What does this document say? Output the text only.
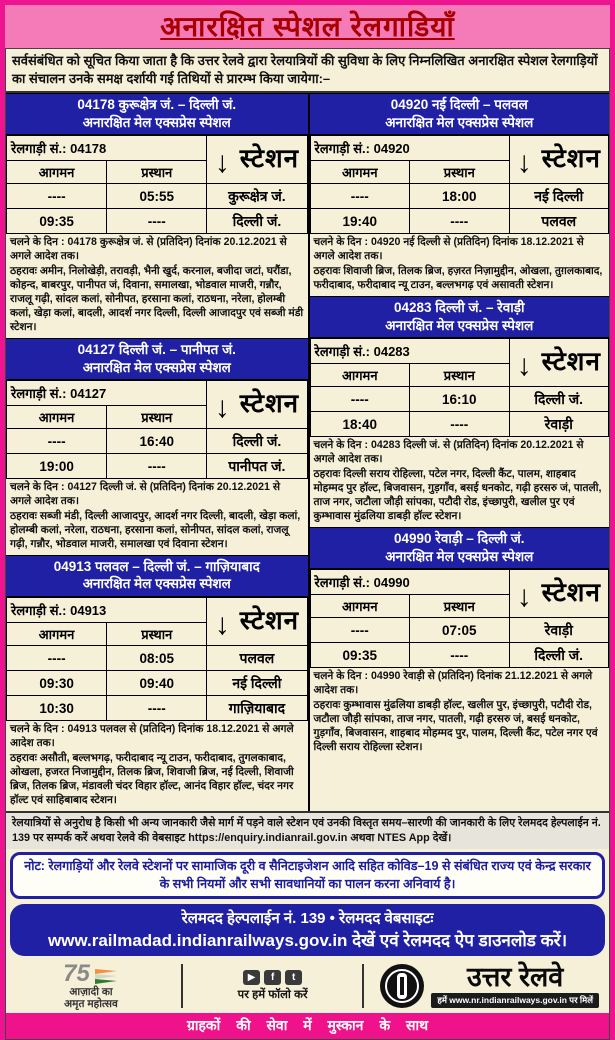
अनारक्षित स्पेशल रेलगाडियाँ

सर्वसंबंधित को सूचित किया जाता है कि उत्तर रेलवे द्वारा रेलयात्रियों की सुविधा के लिए निम्नलिखित अनारक्षित स्पेशल रेलगाड़ियों का संचालन उनके समक्ष दर्शायी गई तिथियों से प्रारम्भ किया जायेगा:–

04178 कुरूक्षेत्र जं. – दिल्ली जं.
अनारक्षित मेल एक्सप्रेस स्पेशल
रेलगाड़ी सं.: 04178		↓ स्टेशन
आगमन	प्रस्थान	
----	05:55	कुरूक्षेत्र जं.
09:35	----	दिल्ली जं.

चलने के दिन : 04178 कुरूक्षेत्र जं. से (प्रतिदिन) दिनांक 20.12.2021 से अगले आदेश तक।

ठहरावः अमीन, निलोखेड़ी, तरावड़ी, भैनी खुर्द, करनाल, बजीदा जटां, घरौंडा, कोहन्द, बाबरपुर, पानीपत जं, दिवाना, समालखा, भोडवाल माजरी, गन्नौर, राजलू गढ़ी, सांदल कलां, सोनीपत, हरसाना कलां, राठधना, नरेला, होलम्बी कलां, खेड़ा कलां, बादली, आदर्श नगर दिल्ली, दिल्ली आजादपुर एवं सब्जी मंडी स्टेशन।

04127 दिल्ली जं. – पानीपत जं.
अनारक्षित मेल एक्सप्रेस स्पेशल
रेलगाड़ी सं.: 04127		↓ स्टेशन
आगमन	प्रस्थान	
----	16:40	दिल्ली जं.
19:00	----	पानीपत जं.

चलने के दिन : 04127 दिल्ली जं. से (प्रतिदिन) दिनांक 20.12.2021 से अगले आदेश तक।

ठहरावः सब्जी मंडी, दिल्ली आजादपुर, आदर्श नगर दिल्ली, बादली, खेड़ा कलां, होलम्बी कलां, नरेला, राठधना, हरसाना कलां, सोनीपत, सांदल कलां, राजलू गढ़ी, गन्नौर, भोडवाल माजरी, समालखा एवं दिवाना स्टेशन।

04913 पलवल – दिल्ली जं. – गाज़ियाबाद
अनारक्षित मेल एक्सप्रेस स्पेशल
रेलगाड़ी सं.: 04913		↓ स्टेशन
आगमन	प्रस्थान	
----	08:05	पलवल
09:30	09:40	नई दिल्ली
10:30	----	गाज़ियाबाद

चलने के दिन : 04913 पलवल से (प्रतिदिन) दिनांक 18.12.2021 से अगले आदेश तक।

ठहरावः असौती, बल्लभगढ़, फरीदाबाद न्यू टाउन, फरीदाबाद, तुगलकाबाद, ओखला, हजरत निजामुद्दीन, तिलक ब्रिज, शिवाजी ब्रिज, नई दिल्ली, शिवाजी ब्रिज, तिलक ब्रिज, मंडावली चंदर विहार हॉल्ट, आनंद विहार हॉल्ट, चंदर नगर हॉल्ट एवं साहिबाबाद स्टेशन।

04920 नई दिल्ली – पलवल
अनारक्षित मेल एक्सप्रेस स्पेशल
रेलगाड़ी सं.: 04920		↓ स्टेशन
आगमन	प्रस्थान	
----	18:00	नई दिल्ली
19:40	----	पलवल

चलने के दिन : 04920 नई दिल्ली से (प्रतिदिन) दिनांक 18.12.2021 से अगले आदेश तक।

ठहरावः शिवाजी ब्रिज, तिलक ब्रिज, हज़रत निज़ामुद्दीन, ओखला, तुग़लकाबाद, फरीदाबाद, फरीदाबाद न्यू टाउन, बल्लभगढ़ एवं असावती स्टेशन।

04283 दिल्ली जं. – रेवाड़ी
अनारक्षित मेल एक्सप्रेस स्पेशल
रेलगाड़ी सं.: 04283		↓ स्टेशन
आगमन	प्रस्थान	
----	16:10	दिल्ली जं.
18:40	----	रेवाड़ी

चलने के दिन : 04283 दिल्ली जं. से (प्रतिदिन) दिनांक 20.12.2021 से अगले आदेश तक।

ठहरावः दिल्ली सराय रोहिल्ला, पटेल नगर, दिल्ली कैंट, पालम, शाहबाद मोहम्मद पुर हॉल्ट, बिजवासन, गुड़गाँव, बसई धनकोट, गढ़ी हरसरु जं, पातली, ताज नगर, जटौला जौड़ी सांपका, पटौदी रोड, इंच्छापुरी, खलील पुर एवं कुम्भावास मुंढलिया डाबड़ी हॉल्ट स्टेशन।

04990 रेवाड़ी – दिल्ली जं.
अनारक्षित मेल एक्सप्रेस स्पेशल
रेलगाड़ी सं.: 04990		↓ स्टेशन
आगमन	प्रस्थान	
----	07:05	रेवाड़ी
09:35	----	दिल्ली जं.

चलने के दिन : 04990 रेवाड़ी से (प्रतिदिन) दिनांक 21.12.2021 से अगले आदेश तक।

ठहरावः कुम्भावास मुंढलिया डाबड़ी हॉल्ट, खलील पुर, इंच्छापुरी, पटौदी रोड, जटौला जौड़ी सांपका, ताज नगर, पातली, गढ़ी हरसरु जं, बसई धनकोट, गुड़गाँव, बिजवासन, शाहबाद मोहम्मद पुर, पालम, दिल्ली कैंट, पटेल नगर एवं दिल्ली सराय रोहिल्ला स्टेशन।

रेलयात्रियों से अनुरोध है किसी भी अन्य जानकारी जैसे मार्ग में पड़ने वाले स्टेशन एवं उनकी विस्तृत समय–सारणी की जानकारी के लिए रेलमदद हेल्पलाईन नं. 139 पर सम्पर्क करें अथवा रेलवे की वेबसाइट https://enquiry.indianrail.gov.in अथवा NTES App देखें।

नोट: रेलगाड़ियों और रेलवे स्टेशनों पर सामाजिक दूरी व सैनिटाइजेशन आदि सहित कोविड–19 से संबंधित राज्य एवं केन्द्र सरकार के सभी नियमों और सभी सावधानियों का पालन करना अनिवार्य है।
रेलमदद हेल्पलाईन नं. 139 • रेलमदद वेबसाइटः
www.railmadad.indianrailways.gov.in देखें एवं रेलमदद ऐप डाउनलोड करें।
75
आज़ादी का
अमृत महोत्सव
▶	f	t
पर हमें फॉलो करें
उत्तर रेलवे
हमें www.nr.indianrailways.gov.in पर मिलें
ग्राहकों की सेवा में मुस्कान के साथ
